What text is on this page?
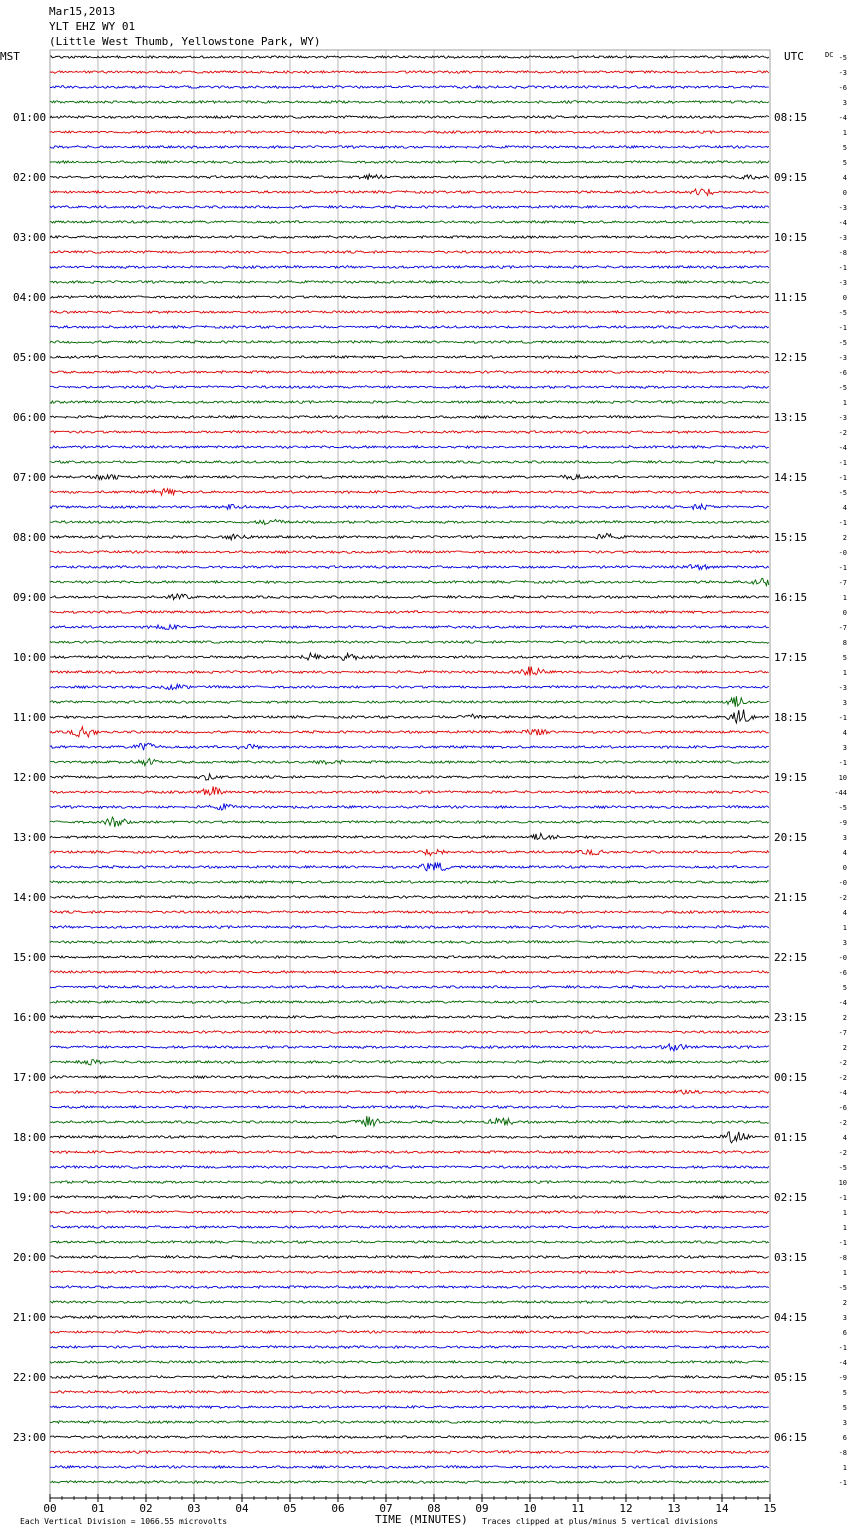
Mar15,2013
YLT EHZ WY 01
(Little West Thumb, Yellowstone Park, WY)
01:00
02:00
03:00
04:00
05:00
06:00
07:00
08:00
09:00
10:00
11:00
12:00
13:00
14:00
15:00
16:00
17:00
18:00
19:00
20:00
21:00
22:00
23:00
08:15
09:15
10:15
11:15
12:15
13:15
14:15
15:15
16:15
17:15
18:15
19:15
20:15
21:15
22:15
23:15
00:15
01:15
02:15
03:15
04:15
05:15
06:15
-5
-3
-6
3
-4
1
5
5
4
0
-3
-4
-3
-8
-1
-3
0
-5
-1
-5
-3
-6
-5
1
-3
-2
-4
-1
-1
-5
4
-1
2
-0
-1
-7
1
0
-7
8
5
1
-3
3
-1
4
3
-1
10
-44
-5
-9
3
4
0
-0
-2
4
1
3
-0
-6
5
-4
2
-7
2
-2
-2
-4
-6
-2
4
-2
-5
10
-1
1
1
-1
-8
1
-5
2
3
6
-1
-4
-9
5
5
3
6
-8
1
-1
00	01	02	03	04	05	06	07	08	09	10	11	12	13	14	15
MST	UTC	DC
TIME (MINUTES)
Each Vertical Division = 1066.55 microvolts	Traces clipped at plus/minus 5 vertical divisions
